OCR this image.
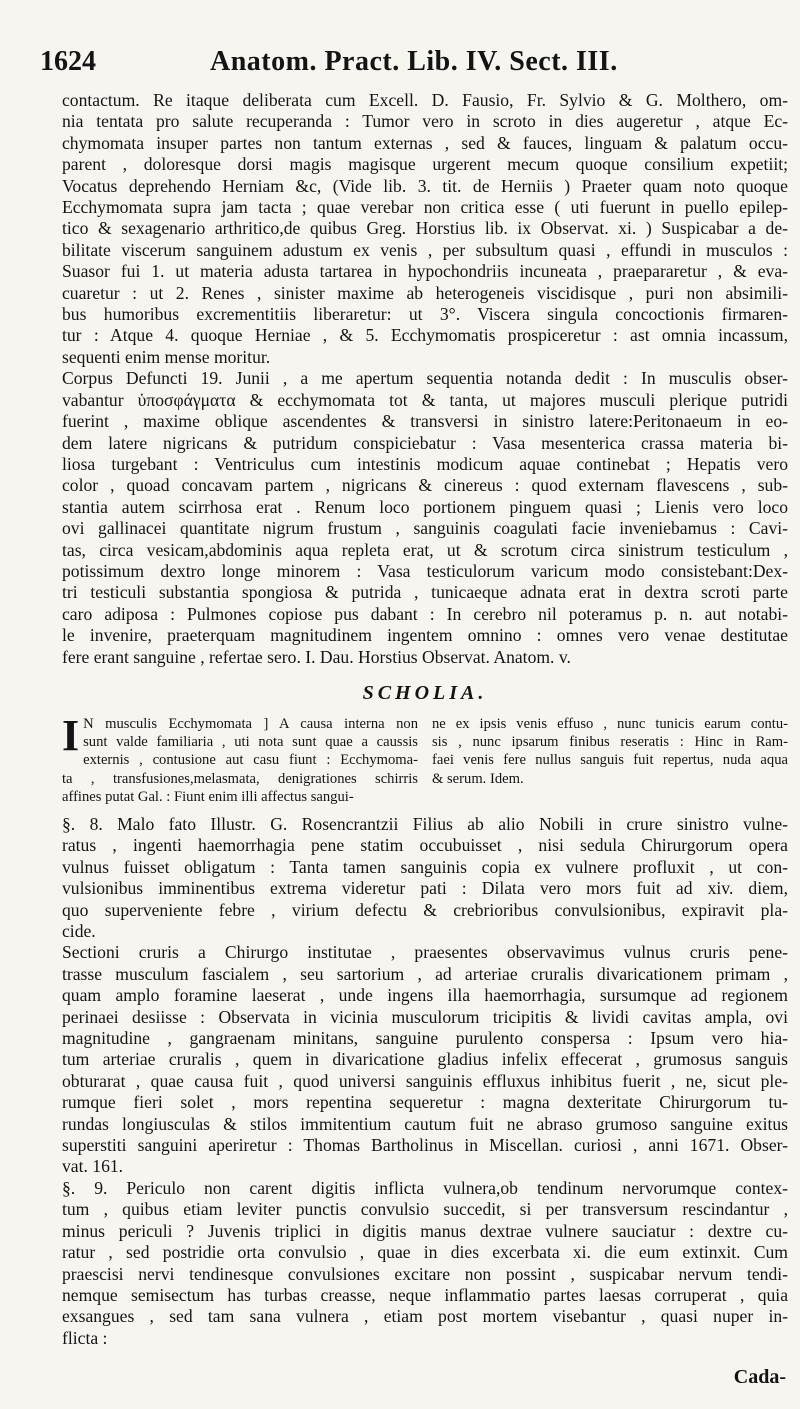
1624	Anatom. Pract. Lib. IV. Sect. III.
contactum. Re itaque deliberata cum Excell. D. Fausio, Fr. Sylvio & G. Molthero, om-
nia tentata pro salute recuperanda : Tumor vero in scroto in dies augeretur , atque Ec-
chymomata insuper partes non tantum externas , sed & fauces, linguam & palatum occu-
parent , doloresque dorsi magis magisque urgerent mecum quoque consilium expetiit;
Vocatus deprehendo Herniam &c, (Vide lib. 3. tit. de Herniis ) Praeter quam noto quoque
Ecchymomata supra jam tacta ; quae verebar non critica esse ( uti fuerunt in puello epilep-
tico & sexagenario arthritico,de quibus Greg. Horstius lib. ix Observat. xi. ) Suspicabar a de-
bilitate viscerum sanguinem adustum ex venis , per subsultum quasi , effundi in musculos :
Suasor fui 1. ut materia adusta tartarea in hypochondriis incuneata , praepararetur , & eva-
cuaretur : ut 2. Renes , sinister maxime ab heterogeneis viscidisque , puri non absimili-
bus humoribus excrementitiis liberaretur: ut 3°. Viscera singula concoctionis firmaren-
tur : Atque 4. quoque Herniae , & 5. Ecchymomatis prospiceretur : ast omnia incassum,
sequenti enim mense moritur.
Corpus Defuncti 19. Junii , a me apertum sequentia notanda dedit : In musculis obser-
vabantur ὑποσφάγματα & ecchymomata tot & tanta, ut majores musculi plerique putridi
fuerint , maxime oblique ascendentes & transversi in sinistro latere:Peritonaeum in eo-
dem latere nigricans & putridum conspiciebatur : Vasa mesenterica crassa materia bi-
liosa turgebant : Ventriculus cum intestinis modicum aquae continebat ; Hepatis vero
color , quoad concavam partem , nigricans & cinereus : quod externam flavescens , sub-
stantia autem scirrhosa erat . Renum loco portionem pinguem quasi ; Lienis vero loco
ovi gallinacei quantitate nigrum frustum , sanguinis coagulati facie inveniebamus : Cavi-
tas, circa vesicam,abdominis aqua repleta erat, ut & scrotum circa sinistrum testiculum ,
potissimum dextro longe minorem : Vasa testiculorum varicum modo consistebant:Dex-
tri testiculi substantia spongiosa & putrida , tunicaeque adnata erat in dextra scroti parte
caro adiposa : Pulmones copiose pus dabant : In cerebro nil poteramus p. n. aut notabi-
le invenire, praeterquam magnitudinem ingentem omnino : omnes vero venae destitutae
fere erant sanguine , refertae sero. I. Dau. Horstius Observat. Anatom. v.
SCHOLIA.
I N musculis Ecchymomata ] A causa interna non
sunt valde familiaria , uti nota sunt quae a caussis
externis , contusione aut casu fiunt : Ecchymoma-
ta , transfusiones,melasmata, denigrationes schirris
affines putat Gal. : Fiunt enim illi affectus sangui-
ne ex ipsis venis effuso , nunc tunicis earum contu-
sis , nunc ipsarum finibus reseratis : Hinc in Ram-
faei venis fere nullus sanguis fuit repertus, nuda aqua
& serum. Idem.
§. 8. Malo fato Illustr. G. Rosencrantzii Filius ab alio Nobili in crure sinistro vulne-
ratus , ingenti haemorrhagia pene statim occubuisset , nisi sedula Chirurgorum opera
vulnus fuisset obligatum : Tanta tamen sanguinis copia ex vulnere profluxit , ut con-
vulsionibus imminentibus extrema videretur pati : Dilata vero mors fuit ad xiv. diem,
quo superveniente febre , virium defectu & crebrioribus convulsionibus, expiravit pla-
cide.
Sectioni cruris a Chirurgo institutae , praesentes observavimus vulnus cruris pene-
trasse musculum fascialem , seu sartorium , ad arteriae cruralis divaricationem primam ,
quam amplo foramine laeserat , unde ingens illa haemorrhagia, sursumque ad regionem
perinaei desiisse : Observata in vicinia musculorum tricipitis & lividi cavitas ampla, ovi
magnitudine , gangraenam minitans, sanguine purulento conspersa : Ipsum vero hia-
tum arteriae cruralis , quem in divaricatione gladius infelix effecerat , grumosus sanguis
obturarat , quae causa fuit , quod universi sanguinis effluxus inhibitus fuerit , ne, sicut ple-
rumque fieri solet , mors repentina sequeretur : magna dexteritate Chirurgorum tu-
rundas longiusculas & stilos immitentium cautum fuit ne abraso grumoso sanguine exitus
superstiti sanguini aperiretur : Thomas Bartholinus in Miscellan. curiosi , anni 1671. Obser-
vat. 161.
§. 9. Periculo non carent digitis inflicta vulnera,ob tendinum nervorumque contex-
tum , quibus etiam leviter punctis convulsio succedit, si per transversum rescindantur ,
minus periculi ? Juvenis triplici in digitis manus dextrae vulnere sauciatur : dextre cu-
ratur , sed postridie orta convulsio , quae in dies excerbata xi. die eum extinxit. Cum
praescisi nervi tendinesque convulsiones excitare non possint , suspicabar nervum tendi-
nemque semisectum has turbas creasse, neque inflammatio partes laesas corruperat , quia
exsangues , sed tam sana vulnera , etiam post mortem visebantur , quasi nuper in-
flicta :
Cada-
